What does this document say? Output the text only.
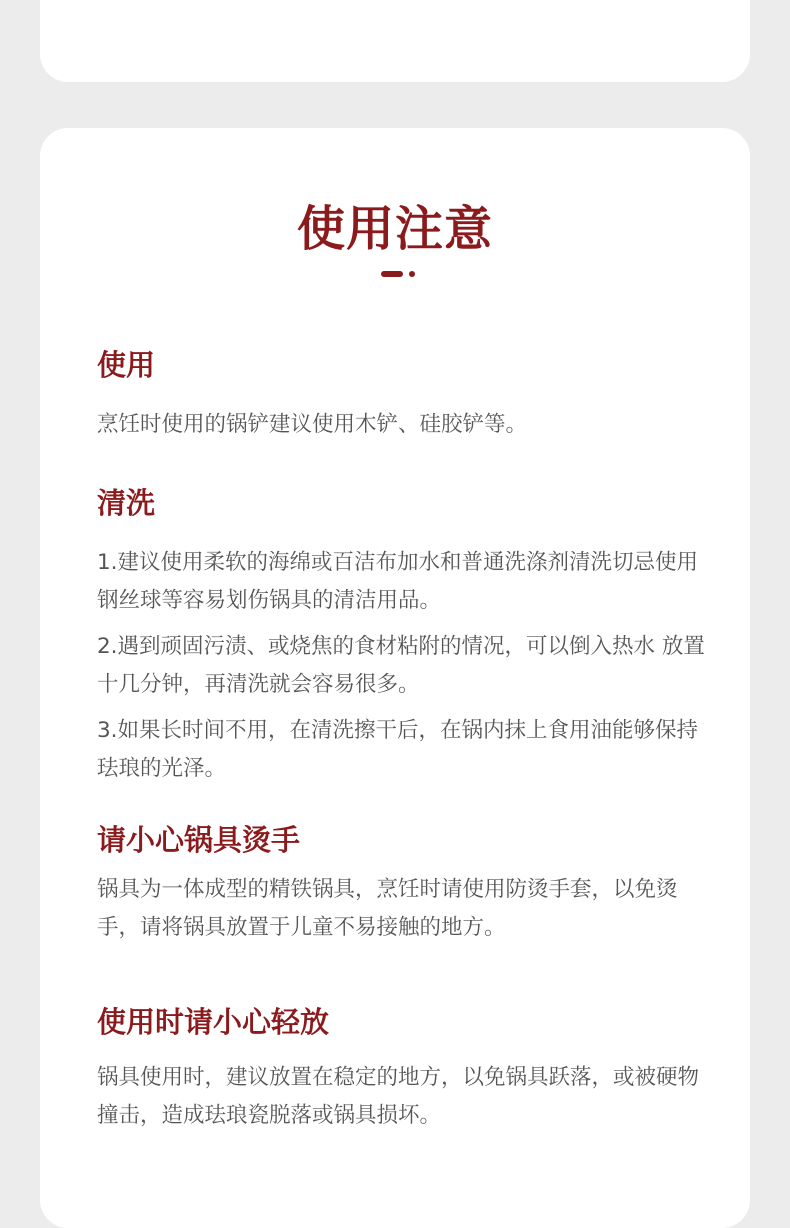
使用注意
使用

烹饪时使用的锅铲建议使用木铲、硅胶铲等。

清洗

1.建议使用柔软的海绵或百洁布加水和普通洗涤剂清洗切忌使用钢丝球等容易划伤锅具的清洁用品。

2.遇到顽固污渍、或烧焦的食材粘附的情况，可以倒入热水 放置十几分钟，再清洗就会容易很多。

3.如果长时间不用，在清洗擦干后，在锅内抹上食用油能够保持珐琅的光泽。

请小心锅具烫手

锅具为一体成型的精铁锅具，烹饪时请使用防烫手套，以免烫手，请将锅具放置于儿童不易接触的地方。

使用时请小心轻放

锅具使用时，建议放置在稳定的地方，以免锅具跃落，或被硬物撞击，造成珐琅瓷脱落或锅具损坏。
